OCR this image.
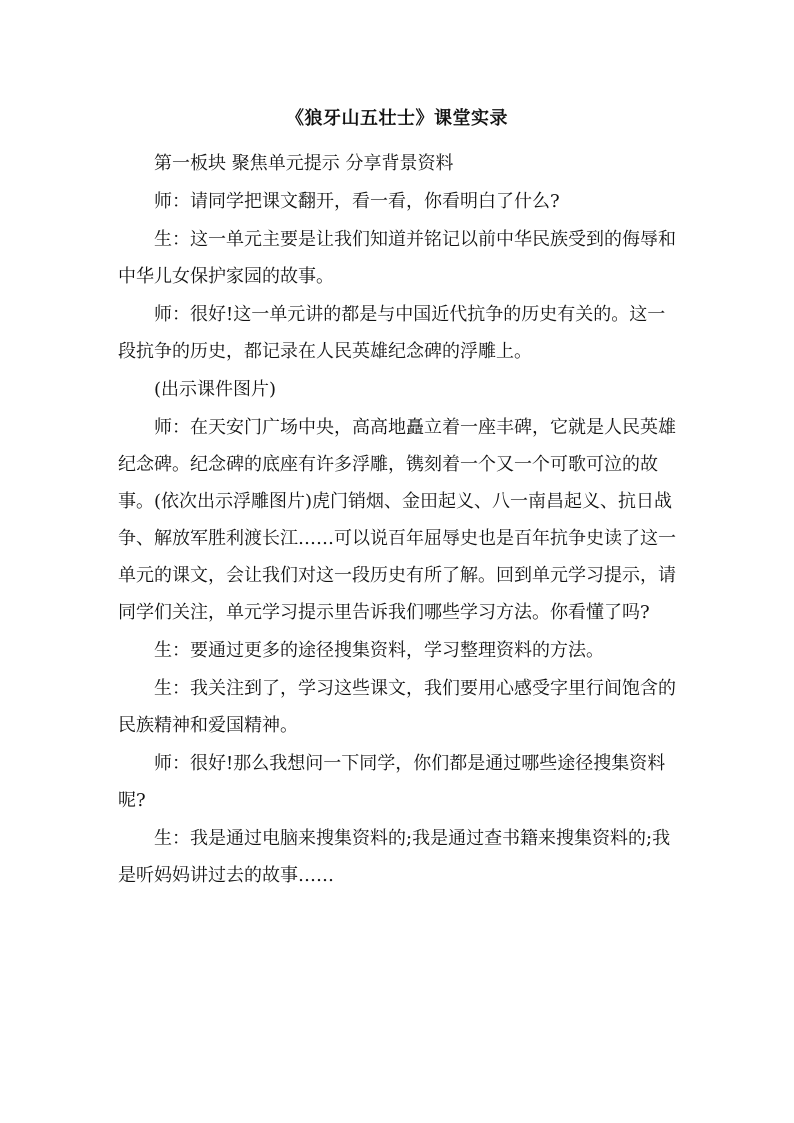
《狼牙山五壮士》课堂实录

第一板块 聚焦单元提示 分享背景资料

师：请同学把课文翻开，看一看，你看明白了什么?

生：这一单元主要是让我们知道并铭记以前中华民族受到的侮辱和中华儿女保护家园的故事。

师：很好!这一单元讲的都是与中国近代抗争的历史有关的。这一段抗争的历史，都记录在人民英雄纪念碑的浮雕上。

(出示课件图片)

师：在天安门广场中央，高高地矗立着一座丰碑，它就是人民英雄纪念碑。纪念碑的底座有许多浮雕，镌刻着一个又一个可歌可泣的故事。(依次出示浮雕图片)虎门销烟、金田起义、八一南昌起义、抗日战争、解放军胜利渡长江……可以说百年屈辱史也是百年抗争史读了这一单元的课文，会让我们对这一段历史有所了解。回到单元学习提示，请同学们关注，单元学习提示里告诉我们哪些学习方法。你看懂了吗?

生：要通过更多的途径搜集资料，学习整理资料的方法。

生：我关注到了，学习这些课文，我们要用心感受字里行间饱含的民族精神和爱国精神。

师：很好!那么我想问一下同学，你们都是通过哪些途径搜集资料呢?

生：我是通过电脑来搜集资料的;我是通过查书籍来搜集资料的;我是听妈妈讲过去的故事……
